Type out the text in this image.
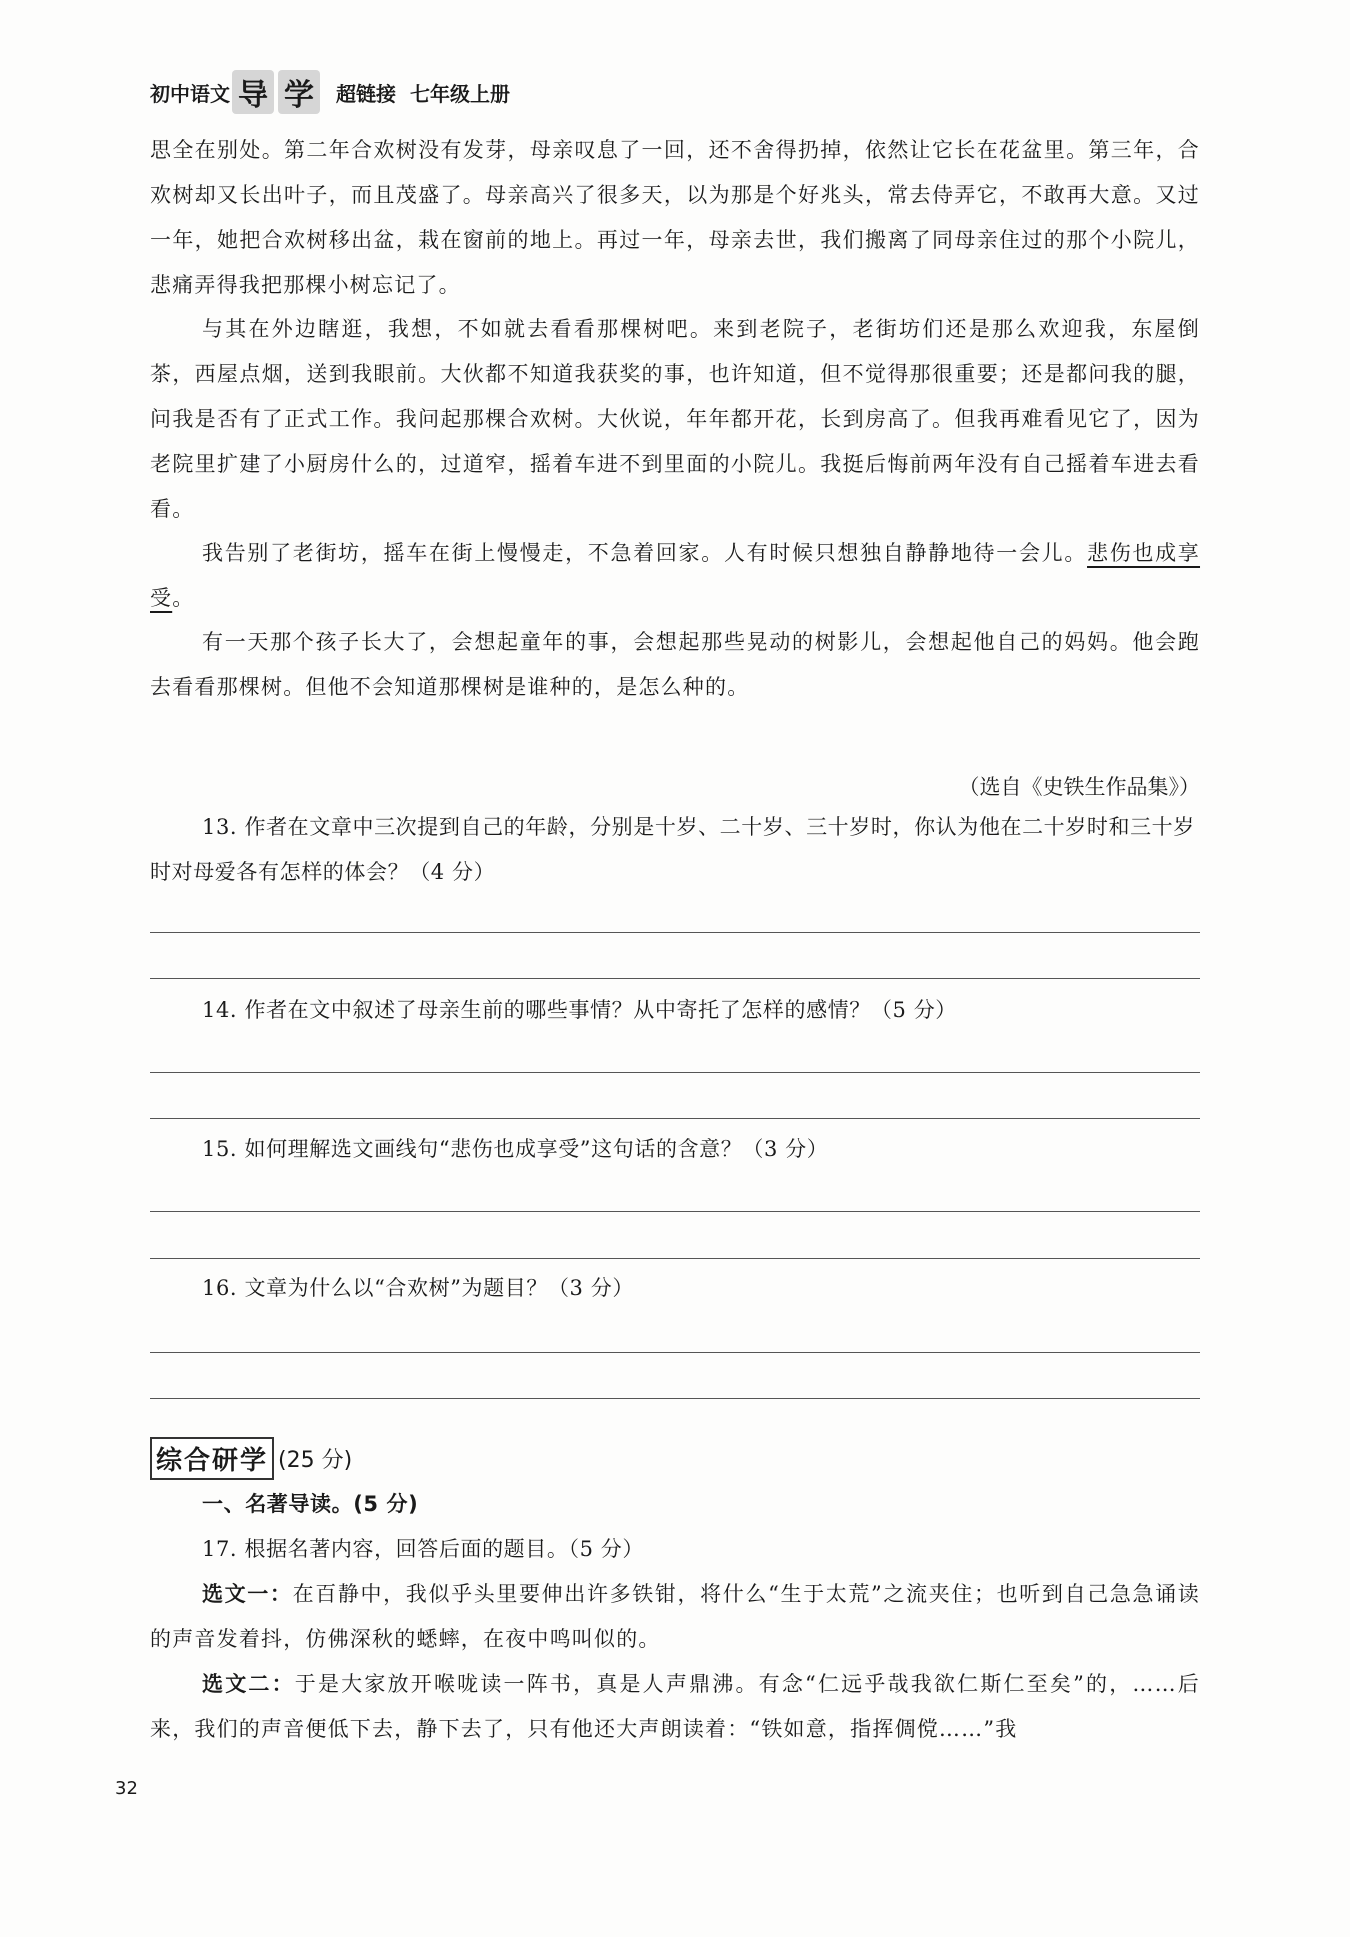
初中语文 导 学	超链接 七年级上册

思全在别处。第二年合欢树没有发芽，母亲叹息了一回，还不舍得扔掉，依然让它长在花盆里。第三年，合欢树却又长出叶子，而且茂盛了。母亲高兴了很多天，以为那是个好兆头，常去侍弄它，不敢再大意。又过一年，她把合欢树移出盆，栽在窗前的地上。再过一年，母亲去世，我们搬离了同母亲住过的那个小院儿，悲痛弄得我把那棵小树忘记了。

与其在外边瞎逛，我想，不如就去看看那棵树吧。来到老院子，老街坊们还是那么欢迎我，东屋倒茶，西屋点烟，送到我眼前。大伙都不知道我获奖的事，也许知道，但不觉得那很重要；还是都问我的腿，问我是否有了正式工作。我问起那棵合欢树。大伙说，年年都开花，长到房高了。但我再难看见它了，因为老院里扩建了小厨房什么的，过道窄，摇着车进不到里面的小院儿。我挺后悔前两年没有自己摇着车进去看看。

我告别了老街坊，摇车在街上慢慢走，不急着回家。人有时候只想独自静静地待一会儿。悲伤也成享受。

有一天那个孩子长大了，会想起童年的事，会想起那些晃动的树影儿，会想起他自己的妈妈。他会跑去看看那棵树。但他不会知道那棵树是谁种的，是怎么种的。

（选自《史铁生作品集》）

13. 作者在文章中三次提到自己的年龄，分别是十岁、二十岁、三十岁时，你认为他在二十岁时和三十岁时对母爱各有怎样的体会？（4 分）

14. 作者在文中叙述了母亲生前的哪些事情？从中寄托了怎样的感情？（5 分）

15. 如何理解选文画线句“悲伤也成享受”这句话的含意？（3 分）

16. 文章为什么以“合欢树”为题目？（3 分）

综合研学 (25 分)

一、名著导读。(5 分)

17. 根据名著内容，回答后面的题目。（5 分）

选文一：在百静中，我似乎头里要伸出许多铁钳，将什么“生于太荒”之流夹住；也听到自己急急诵读的声音发着抖，仿佛深秋的蟋蟀，在夜中鸣叫似的。

选文二：于是大家放开喉咙读一阵书，真是人声鼎沸。有念“仁远乎哉我欲仁斯仁至矣”的，……后来，我们的声音便低下去，静下去了，只有他还大声朗读着：“铁如意，指挥倜傥……”我

32
